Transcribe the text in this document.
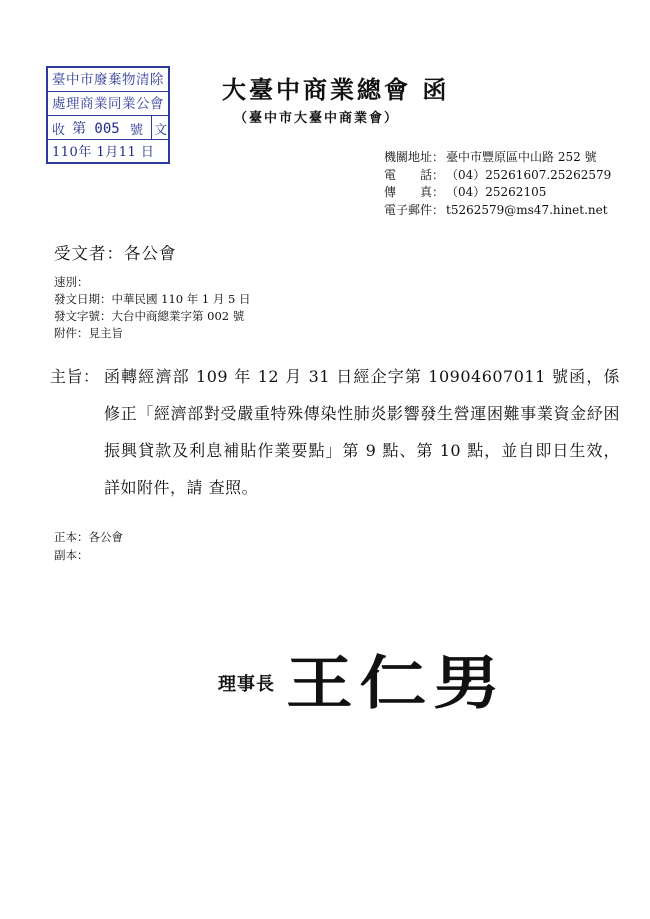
臺中市廢棄物清除
處理商業同業公會
收 第 005 號 文
110年 1月11 日
大臺中商業總會 函
（臺中市大臺中商業會）
機關地址： 臺中市豐原區中山路 252 號
電　　話： （04）25261607.25262579
傳　　真： （04）25262105
電子郵件： t5262579@ms47.hinet.net
受文者：各公會
速別：
發文日期：中華民國 110 年 1 月 5 日
發文字號：大台中商總業字第 002 號
附件：見主旨
主旨： 函轉經濟部 109 年 12 月 31 日經企字第 10904607011 號函，係修正「經濟部對受嚴重特殊傳染性肺炎影響發生營運困難事業資金紓困振興貸款及利息補貼作業要點」第 9 點、第 10 點，並自即日生效，詳如附件，請 查照。
正本：各公會
副本：
理事長 王仁男
